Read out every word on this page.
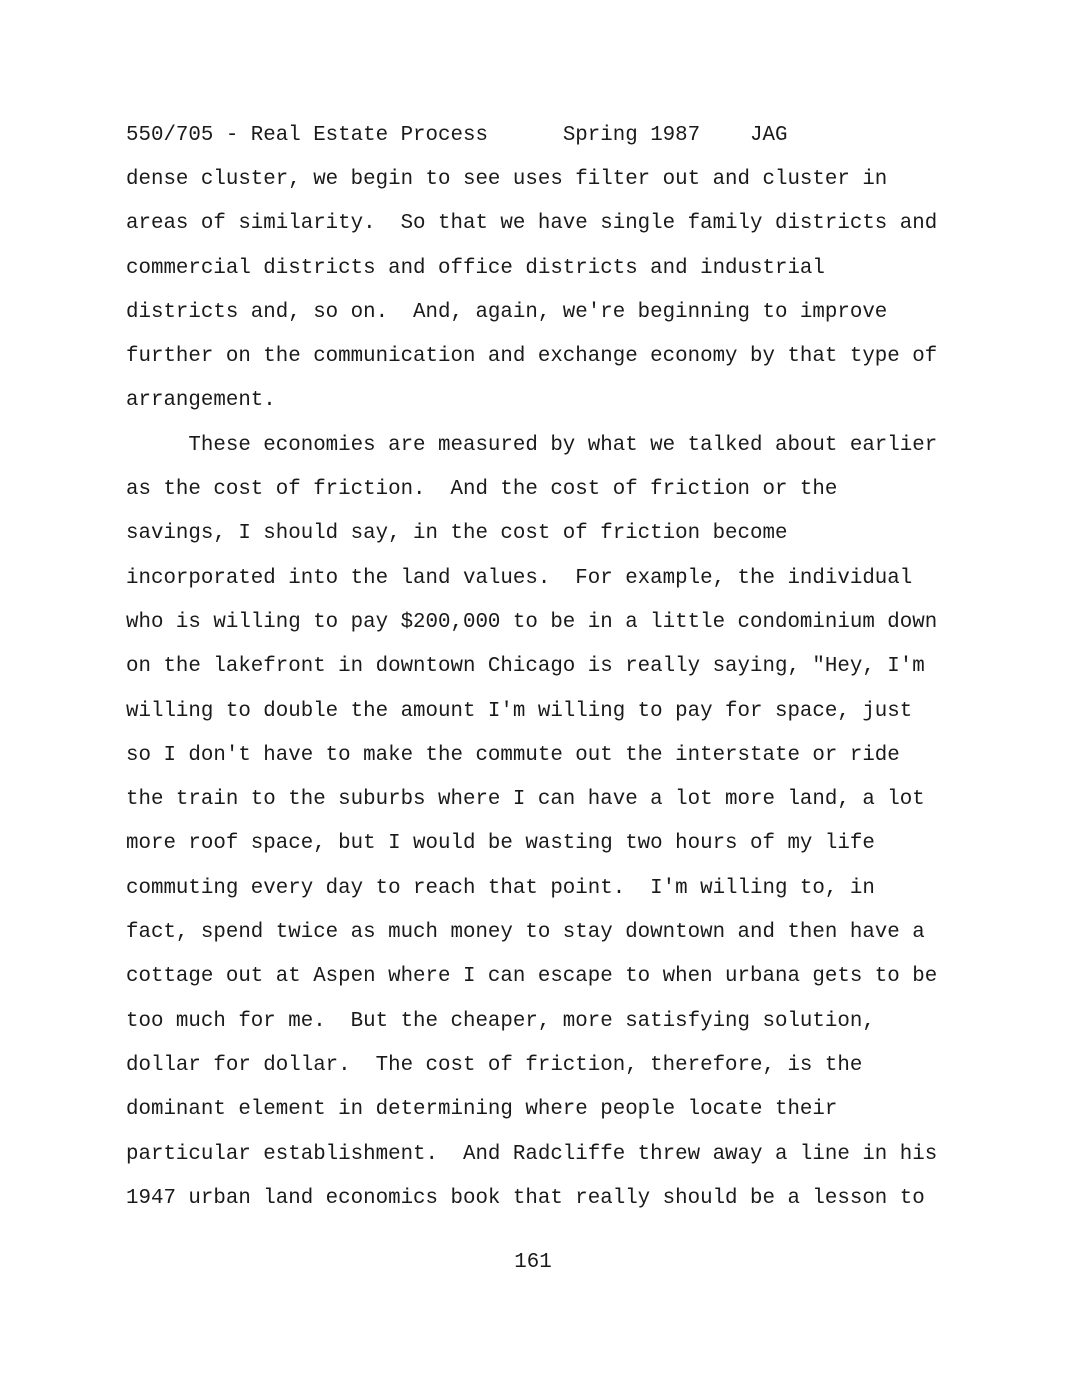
550/705 - Real Estate Process	Spring 1987 JAG
dense cluster, we begin to see uses filter out and cluster in
areas of similarity.  So that we have single family districts and
commercial districts and office districts and industrial
districts and, so on.  And, again, we're beginning to improve
further on the communication and exchange economy by that type of
arrangement.
These economies are measured by what we talked about earlier
as the cost of friction.  And the cost of friction or the
savings, I should say, in the cost of friction become
incorporated into the land values.  For example, the individual
who is willing to pay $200,000 to be in a little condominium down
on the lakefront in downtown Chicago is really saying, "Hey, I'm
willing to double the amount I'm willing to pay for space, just
so I don't have to make the commute out the interstate or ride
the train to the suburbs where I can have a lot more land, a lot
more roof space, but I would be wasting two hours of my life
commuting every day to reach that point.  I'm willing to, in
fact, spend twice as much money to stay downtown and then have a
cottage out at Aspen where I can escape to when urbana gets to be
too much for me.  But the cheaper, more satisfying solution,
dollar for dollar.  The cost of friction, therefore, is the
dominant element in determining where people locate their
particular establishment.  And Radcliffe threw away a line in his
1947 urban land economics book that really should be a lesson to
161
